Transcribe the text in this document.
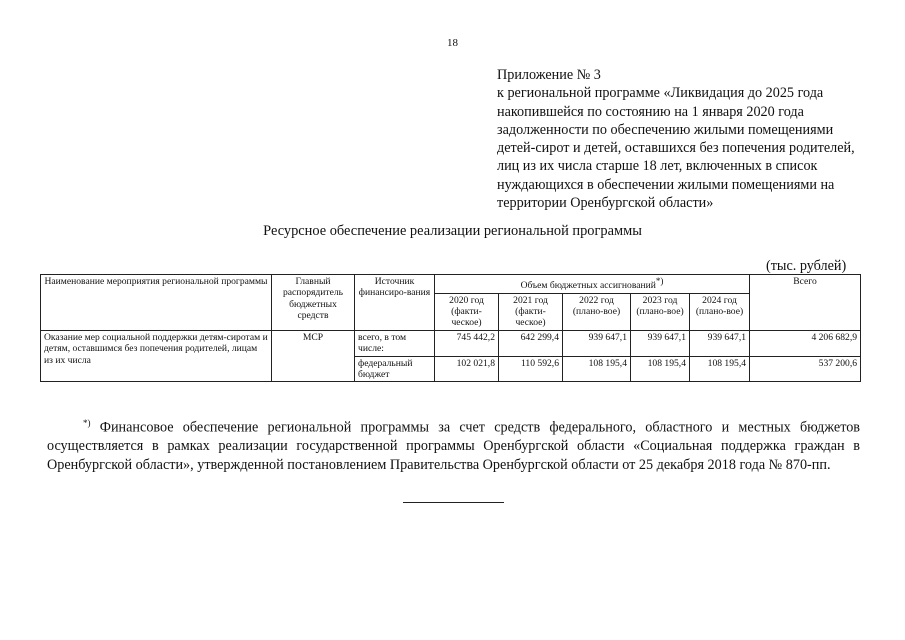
18
Приложение № 3
к региональной программе «Ликвидация до 2025 года
накопившейся по состоянию на 1 января 2020 года
задолженности по обеспечению жилыми помещениями
детей-сирот и детей, оставшихся без попечения родителей,
лиц из их числа старше 18 лет, включенных в список
нуждающихся в обеспечении жилыми помещениями на
территории Оренбургской области»
Ресурсное обеспечение реализации региональной программы
(тыс. рублей)
Наименование мероприятия региональной программы	Главный распорядитель бюджетных средств	Источник финансиро-вания	Объем бюджетных ассигнований*)					Всего
			2020 год (факти-ческое)	2021 год (факти-ческое)	2022 год (плано-вое)	2023 год (плано-вое)	2024 год (плано-вое)	
Оказание мер социальной поддержки детям-сиротам и детям, оставшимся без попечения родителей, лицам из их числа	МСР	всего, в том числе:	745 442,2	642 299,4	939 647,1	939 647,1	939 647,1	4 206 682,9
		федеральный бюджет	102 021,8	110 592,6	108 195,4	108 195,4	108 195,4	537 200,6
*) Финансовое обеспечение региональной программы за счет средств федерального, областного и местных бюджетов осуществляется в рамках реализации государственной программы Оренбургской области «Социальная поддержка граждан в Оренбургской области», утвержденной постановлением Правительства Оренбургской области от 25 декабря 2018 года № 870-пп.
